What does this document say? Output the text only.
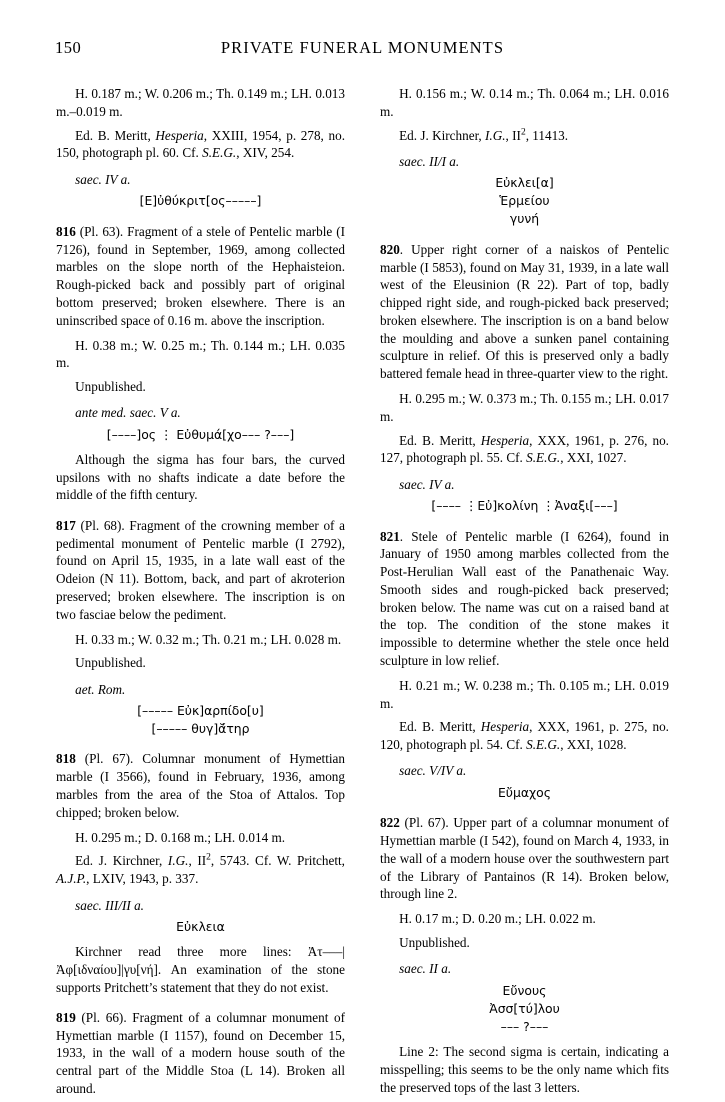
150	PRIVATE FUNERAL MONUMENTS

H. 0.187 m.; W. 0.206 m.; Th. 0.149 m.; LH. 0.013 m.–0.019 m.

Ed. B. Meritt, Hesperia, XXIII, 1954, p. 278, no. 150, photograph pl. 60. Cf. S.E.G., XIV, 254.

saec. IV a.

[Ε]ὐθύκριτ[ος–––––]

816 (Pl. 63). Fragment of a stele of Pentelic marble (I 7126), found in September, 1969, among collected marbles on the slope north of the Hephaisteion. Rough-picked back and possibly part of original bottom preserved; broken elsewhere. There is an uninscribed space of 0.16 m. above the inscription.

H. 0.38 m.; W. 0.25 m.; Th. 0.144 m.; LH. 0.035 m.

Unpublished.

ante med. saec. V a.

[––––]ος ⋮ Εὐθυμά[χο––– ?–––]

Although the sigma has four bars, the curved upsilons with no shafts indicate a date before the middle of the fifth century.

817 (Pl. 68). Fragment of the crowning member of a pedimental monument of Pentelic marble (I 2792), found on April 15, 1935, in a late wall east of the Odeion (N 11). Bottom, back, and part of akroterion preserved; broken elsewhere. The inscription is on two fasciae below the pediment.

H. 0.33 m.; W. 0.32 m.; Th. 0.21 m.; LH. 0.028 m.

Unpublished.

aet. Rom.

[––––– Εὐκ]αρπίδο[υ]
[––––– θυγ]ᾰ́τηρ

818 (Pl. 67). Columnar monument of Hymettian marble (I 3566), found in February, 1936, among marbles from the area of the Stoa of Attalos. Top chipped; broken below.

H. 0.295 m.; D. 0.168 m.; LH. 0.014 m.

Ed. J. Kirchner, I.G., $II^2$, 5743. Cf. W. Pritchett, A.J.P., LXIV, 1943, p. 337.

saec. III/II a.

Εὐκλεια

Kirchner read three more lines: Ἀτ–––|Ἀφ[ιδναίου]|γυ[νή]. An examination of the stone supports Pritchett’s statement that they do not exist.

819 (Pl. 66). Fragment of a columnar monument of Hymettian marble (I 1157), found on December 15, 1933, in the wall of a modern house south of the central part of the Middle Stoa (L 14). Broken all around.

H. 0.156 m.; W. 0.14 m.; Th. 0.064 m.; LH. 0.016 m.

Ed. J. Kirchner, I.G., $II^2$, 11413.

saec. II/I a.

Εὐκλει[α]
Ἑρμείου
γυνή

820. Upper right corner of a naiskos of Pentelic marble (I 5853), found on May 31, 1939, in a late wall west of the Eleusinion (R 22). Part of top, badly chipped right side, and rough-picked back preserved; broken elsewhere. The inscription is on a band below the moulding and above a sunken panel containing sculpture in relief. Of this is preserved only a badly battered female head in three-quarter view to the right.

H. 0.295 m.; W. 0.373 m.; Th. 0.155 m.; LH. 0.017 m.

Ed. B. Meritt, Hesperia, XXX, 1961, p. 276, no. 127, photograph pl. 55. Cf. S.E.G., XXI, 1027.

saec. IV a.

[–––– ⋮Εὐ]κολίνη ⋮Ἀναξι[–––]

821. Stele of Pentelic marble (I 6264), found in January of 1950 among marbles collected from the Post-Herulian Wall east of the Panathenaic Way. Smooth sides and rough-picked back preserved; broken below. The name was cut on a raised band at the top. The condition of the stone makes it impossible to determine whether the stele once held sculpture in low relief.

H. 0.21 m.; W. 0.238 m.; Th. 0.105 m.; LH. 0.019 m.

Ed. B. Meritt, Hesperia, XXX, 1961, p. 275, no. 120, photograph pl. 54. Cf. S.E.G., XXI, 1028.

saec. V/IV a.

Εὔμαχος

822 (Pl. 67). Upper part of a columnar monument of Hymettian marble (I 542), found on March 4, 1933, in the wall of a modern house over the southwestern part of the Library of Pantainos (R 14). Broken below, through line 2.

H. 0.17 m.; D. 0.20 m.; LH. 0.022 m.

Unpublished.

saec. II a.

Εὔνους
Ἀσσ[τύ]λου
––– ?–––

Line 2: The second sigma is certain, indicating a misspelling; this seems to be the only name which fits the preserved tops of the last 3 letters.
